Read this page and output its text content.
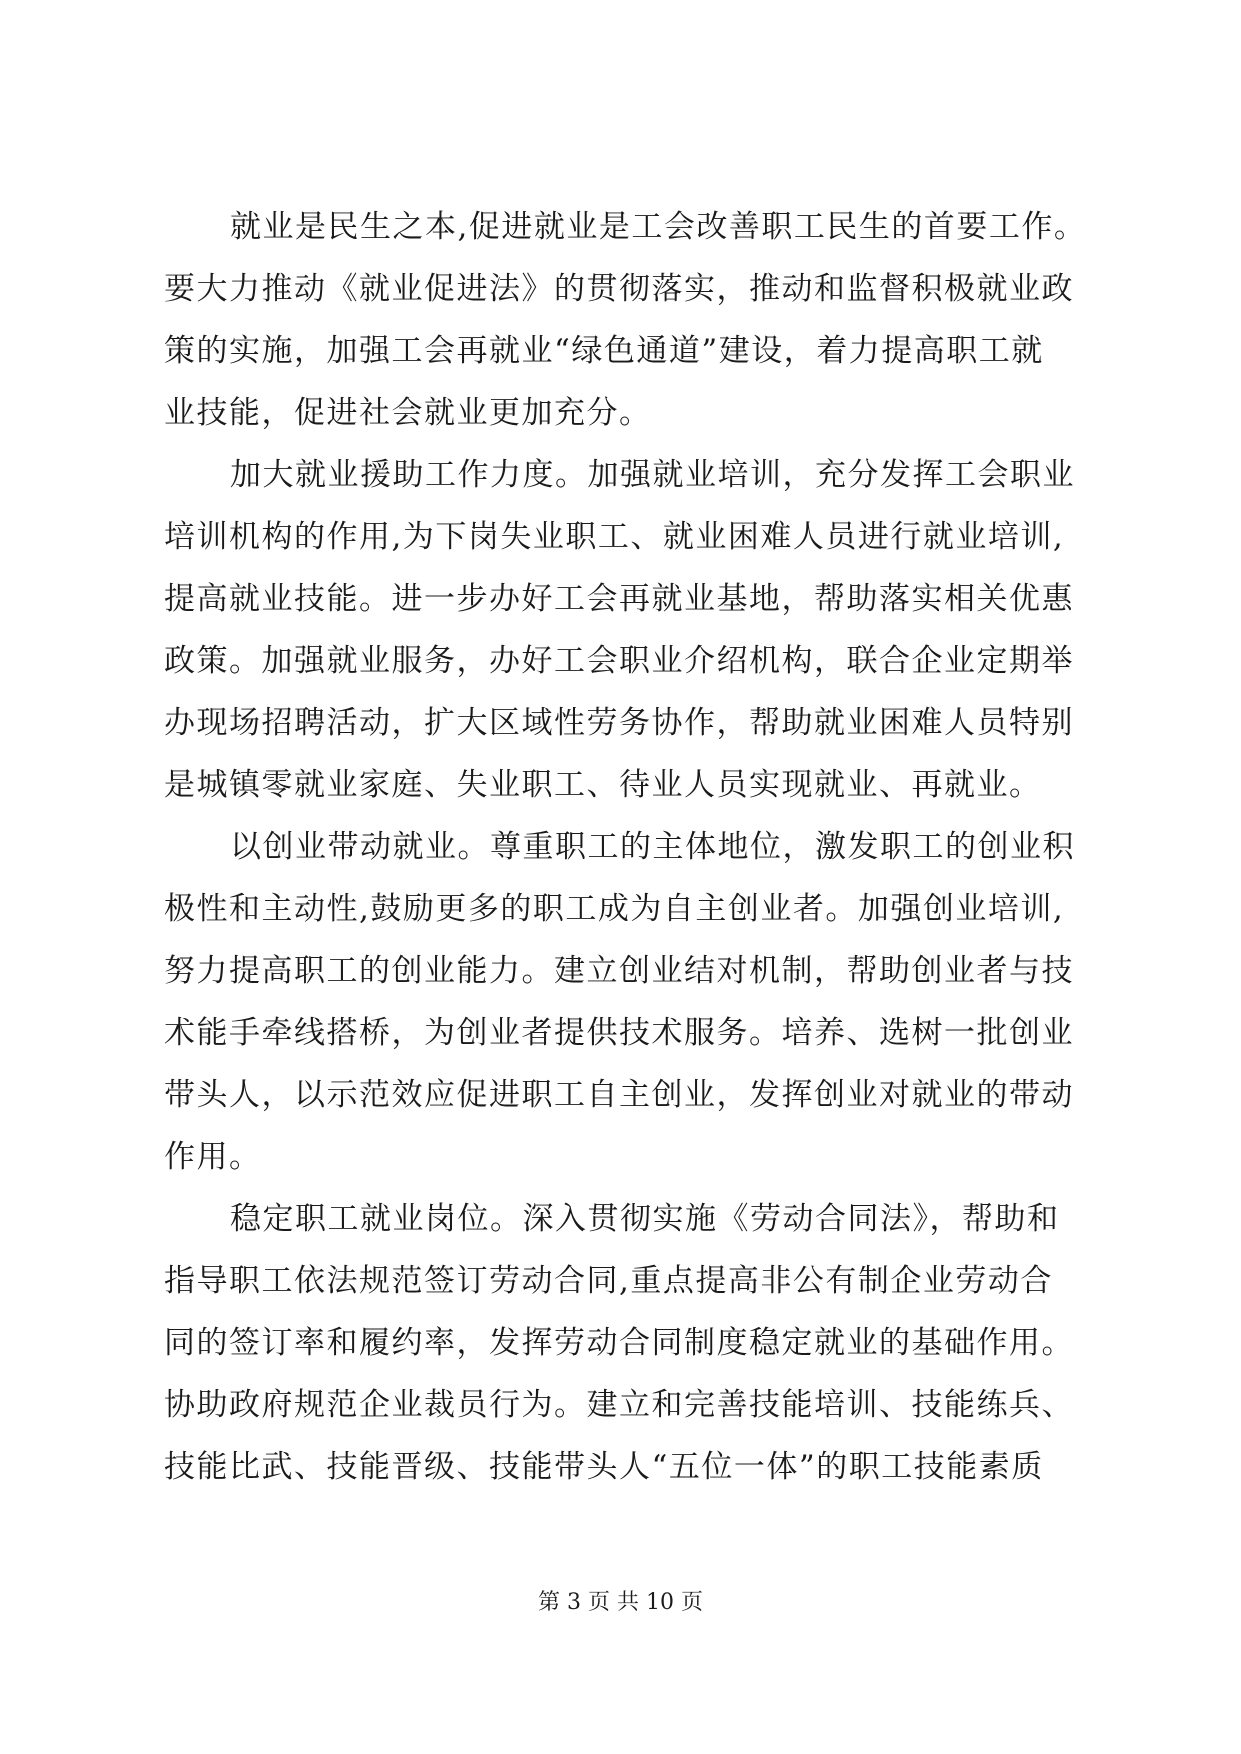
就业是民生之本,促进就业是工会改善职工民生的首要工作。
要大力推动《就业促进法》的贯彻落实，推动和监督积极就业政
策的实施，加强工会再就业“绿色通道”建设，着力提高职工就
业技能，促进社会就业更加充分。
加大就业援助工作力度。加强就业培训，充分发挥工会职业
培训机构的作用,为下岗失业职工、就业困难人员进行就业培训,
提高就业技能。进一步办好工会再就业基地，帮助落实相关优惠
政策。加强就业服务，办好工会职业介绍机构，联合企业定期举
办现场招聘活动，扩大区域性劳务协作，帮助就业困难人员特别
是城镇零就业家庭、失业职工、待业人员实现就业、再就业。
以创业带动就业。尊重职工的主体地位，激发职工的创业积
极性和主动性,鼓励更多的职工成为自主创业者。加强创业培训,
努力提高职工的创业能力。建立创业结对机制，帮助创业者与技
术能手牵线搭桥，为创业者提供技术服务。培养、选树一批创业
带头人，以示范效应促进职工自主创业，发挥创业对就业的带动
作用。
稳定职工就业岗位。深入贯彻实施《劳动合同法》，帮助和
指导职工依法规范签订劳动合同,重点提高非公有制企业劳动合
同的签订率和履约率，发挥劳动合同制度稳定就业的基础作用。
协助政府规范企业裁员行为。建立和完善技能培训、技能练兵、
技能比武、技能晋级、技能带头人“五位一体”的职工技能素质
第 3 页 共 10 页
